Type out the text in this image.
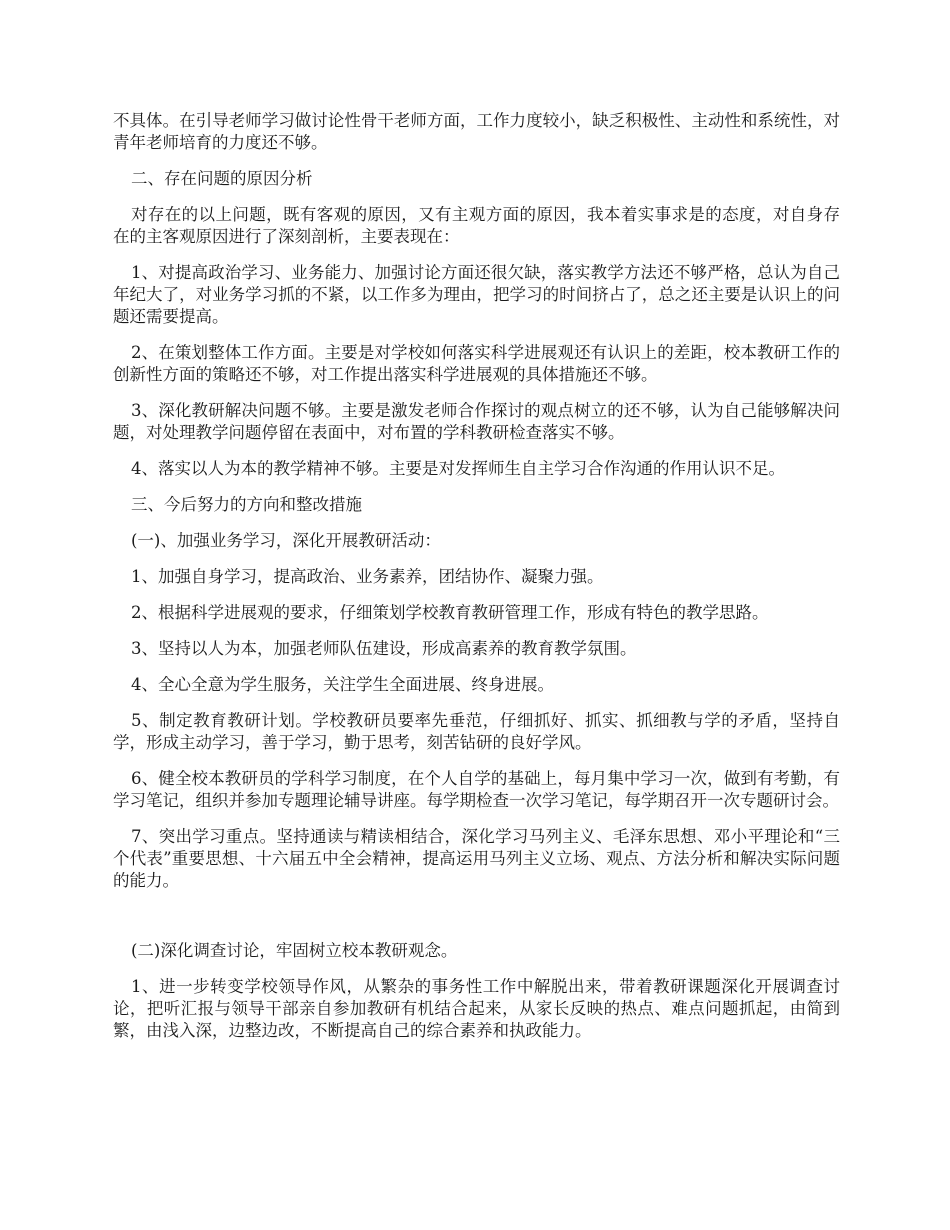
不具体。在引导老师学习做讨论性骨干老师方面，工作力度较小，缺乏积极性、主动性和系统性，对青年老师培育的力度还不够。

二、存在问题的原因分析

对存在的以上问题，既有客观的原因，又有主观方面的原因，我本着实事求是的态度，对自身存在的主客观原因进行了深刻剖析，主要表现在：

1、对提高政治学习、业务能力、加强讨论方面还很欠缺，落实教学方法还不够严格，总认为自己年纪大了，对业务学习抓的不紧，以工作多为理由，把学习的时间挤占了，总之还主要是认识上的问题还需要提高。

2、在策划整体工作方面。主要是对学校如何落实科学进展观还有认识上的差距，校本教研工作的创新性方面的策略还不够，对工作提出落实科学进展观的具体措施还不够。

3、深化教研解决问题不够。主要是激发老师合作探讨的观点树立的还不够，认为自己能够解决问题，对处理教学问题停留在表面中，对布置的学科教研检查落实不够。

4、落实以人为本的教学精神不够。主要是对发挥师生自主学习合作沟通的作用认识不足。

三、今后努力的方向和整改措施

(一)、加强业务学习，深化开展教研活动：

1、加强自身学习，提高政治、业务素养，团结协作、凝聚力强。

2、根据科学进展观的要求，仔细策划学校教育教研管理工作，形成有特色的教学思路。

3、坚持以人为本，加强老师队伍建设，形成高素养的教育教学氛围。

4、全心全意为学生服务，关注学生全面进展、终身进展。

5、制定教育教研计划。学校教研员要率先垂范，仔细抓好、抓实、抓细教与学的矛盾，坚持自学，形成主动学习，善于学习，勤于思考，刻苦钻研的良好学风。

6、健全校本教研员的学科学习制度，在个人自学的基础上，每月集中学习一次，做到有考勤，有学习笔记，组织并参加专题理论辅导讲座。每学期检查一次学习笔记，每学期召开一次专题研讨会。

7、突出学习重点。坚持通读与精读相结合，深化学习马列主义、毛泽东思想、邓小平理论和“三个代表”重要思想、十六届五中全会精神，提高运用马列主义立场、观点、方法分析和解决实际问题的能力。

(二)深化调查讨论，牢固树立校本教研观念。

1、进一步转变学校领导作风，从繁杂的事务性工作中解脱出来，带着教研课题深化开展调查讨论，把听汇报与领导干部亲自参加教研有机结合起来，从家长反映的热点、难点问题抓起，由简到繁，由浅入深，边整边改，不断提高自己的综合素养和执政能力。
